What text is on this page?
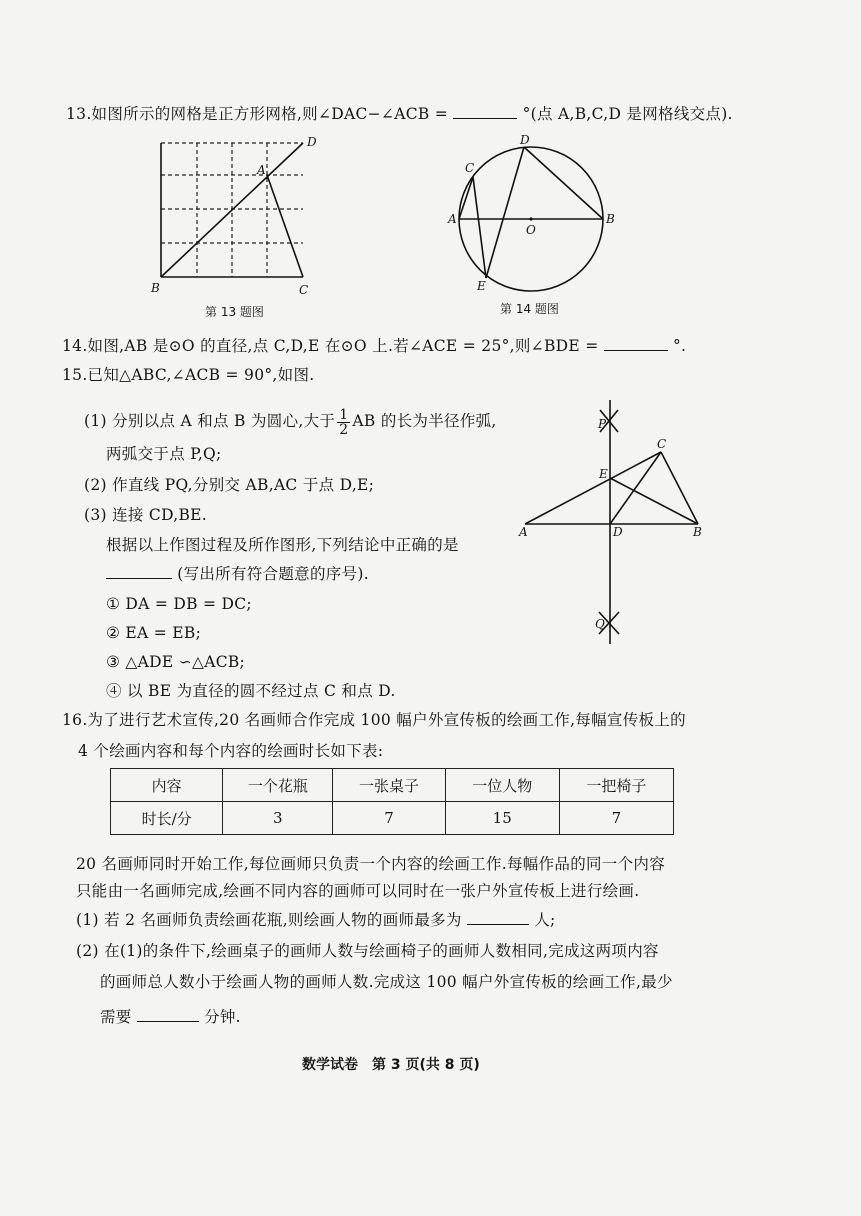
13.如图所示的网格是正方形网格,则∠DAC−∠ACB =	°(点 A,B,C,D 是网格线交点).
D
A
B	C
第 13 题图
C
D
A
O
B
E
第 14 题图
14.如图,AB 是⊙O 的直径,点 C,D,E 在⊙O 上.若∠ACE = 25°,则∠BDE =	°.
15.已知△ABC,∠ACB = 90°,如图.
(1) 分别以点 A 和点 B 为圆心,大于 $\frac{1}{2}$ AB 的长为半径作弧,
两弧交于点 P,Q;
(2) 作直线 PQ,分别交 AB,AC 于点 D,E;
(3) 连接 CD,BE.
根据以上作图过程及所作图形,下列结论中正确的是
(写出所有符合题意的序号).
① DA = DB = DC;
② EA = EB;
③ △ADE ∽△ACB;
④ 以 BE 为直径的圆不经过点 C 和点 D.
P
C
E
A	D	B
Q
16.为了进行艺术宣传,20 名画师合作完成 100 幅户外宣传板的绘画工作,每幅宣传板上的
4 个绘画内容和每个内容的绘画时长如下表:
内容	一个花瓶	一张桌子	一位人物	一把椅子
时长/分	3	7	15	7
20 名画师同时开始工作,每位画师只负责一个内容的绘画工作.每幅作品的同一个内容
只能由一名画师完成,绘画不同内容的画师可以同时在一张户外宣传板上进行绘画.
(1) 若 2 名画师负责绘画花瓶,则绘画人物的画师最多为	人;
(2) 在(1)的条件下,绘画桌子的画师人数与绘画椅子的画师人数相同,完成这两项内容
的画师总人数小于绘画人物的画师人数.完成这 100 幅户外宣传板的绘画工作,最少
需要	分钟.
数学试卷　第 3 页(共 8 页)
